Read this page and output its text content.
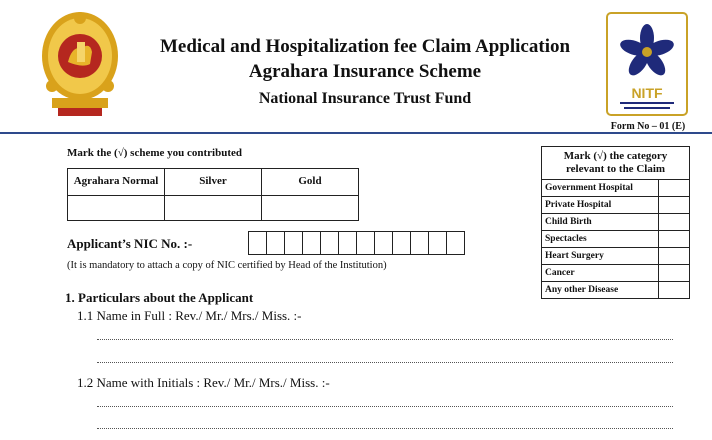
NITF
Medical and Hospitalization fee Claim Application
Agrahara Insurance Scheme
National Insurance Trust Fund
Form No – 01 (E)
Mark the (√) scheme you contributed
Agrahara Normal	Silver	Gold

Applicant’s NIC No. :-
(It is mandatory to attach a copy of NIC certified by Head of the Institution)
1. Particulars about the Applicant
1.1 Name in Full : Rev./ Mr./ Mrs./ Miss. :-
1.2 Name with Initials : Rev./ Mr./ Mrs./ Miss. :-
Mark (√) the category relevant to the Claim	
Government Hospital	
Private Hospital	
Child Birth	
Spectacles	
Heart Surgery	
Cancer	
Any other Disease	
